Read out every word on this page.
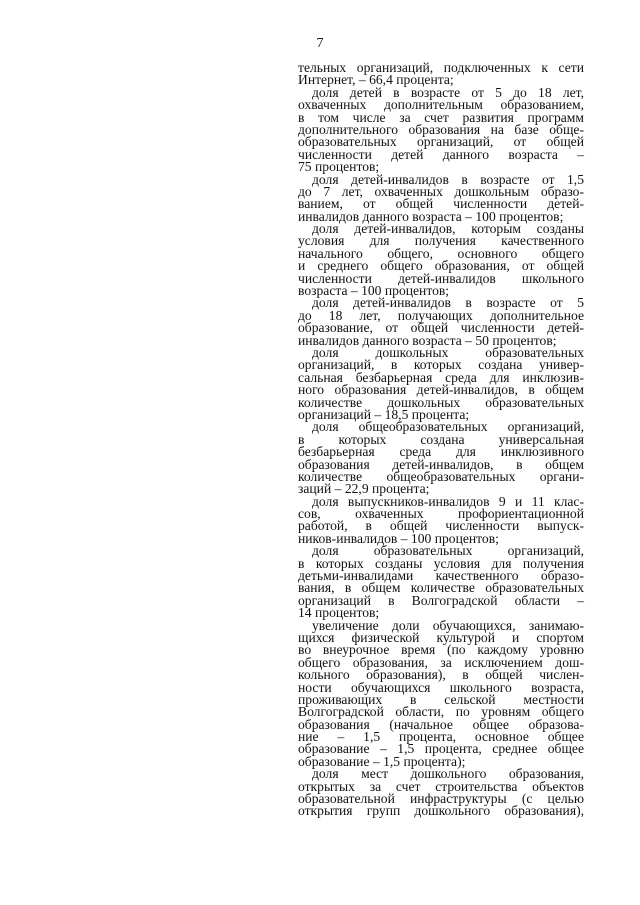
7
тельных организаций, подключенных к сети
Интернет, – 66,4 процента;
доля детей в возрасте от 5 до 18 лет,
охваченных дополнительным образованием,
в том числе за счет развития программ
дополнительного образования на базе обще-
образовательных организаций, от общей
численности детей данного возраста –
75 процентов;
доля детей-инвалидов в возрасте от 1,5
до 7 лет, охваченных дошкольным образо-
ванием, от общей численности детей-
инвалидов данного возраста – 100 процентов;
доля детей-инвалидов, которым созданы
условия для получения качественного
начального общего, основного общего
и среднего общего образования, от общей
численности детей-инвалидов школьного
возраста – 100 процентов;
доля детей-инвалидов в возрасте от 5
до 18 лет, получающих дополнительное
образование, от общей численности детей-
инвалидов данного возраста – 50 процентов;
доля дошкольных образовательных
организаций, в которых создана универ-
сальная безбарьерная среда для инклюзив-
ного образования детей-инвалидов, в общем
количестве дошкольных образовательных
организаций – 18,5 процента;
доля общеобразовательных организаций,
в которых создана универсальная
безбарьерная среда для инклюзивного
образования детей-инвалидов, в общем
количестве общеобразовательных органи-
заций – 22,9 процента;
доля выпускников-инвалидов 9 и 11 клас-
сов, охваченных профориентационной
работой, в общей численности выпуск-
ников-инвалидов – 100 процентов;
доля образовательных организаций,
в которых созданы условия для получения
детьми-инвалидами качественного образо-
вания, в общем количестве образовательных
организаций в Волгоградской области –
14 процентов;
увеличение доли обучающихся, занимаю-
щихся физической культурой и спортом
во внеурочное время (по каждому уровню
общего образования, за исключением дош-
кольного образования), в общей числен-
ности обучающихся школьного возраста,
проживающих в сельской местности
Волгоградской области, по уровням общего
образования (начальное общее образова-
ние – 1,5 процента, основное общее
образование – 1,5 процента, среднее общее
образование – 1,5 процента);
доля мест дошкольного образования,
открытых за счет строительства объектов
образовательной инфраструктуры (с целью
открытия групп дошкольного образования),
